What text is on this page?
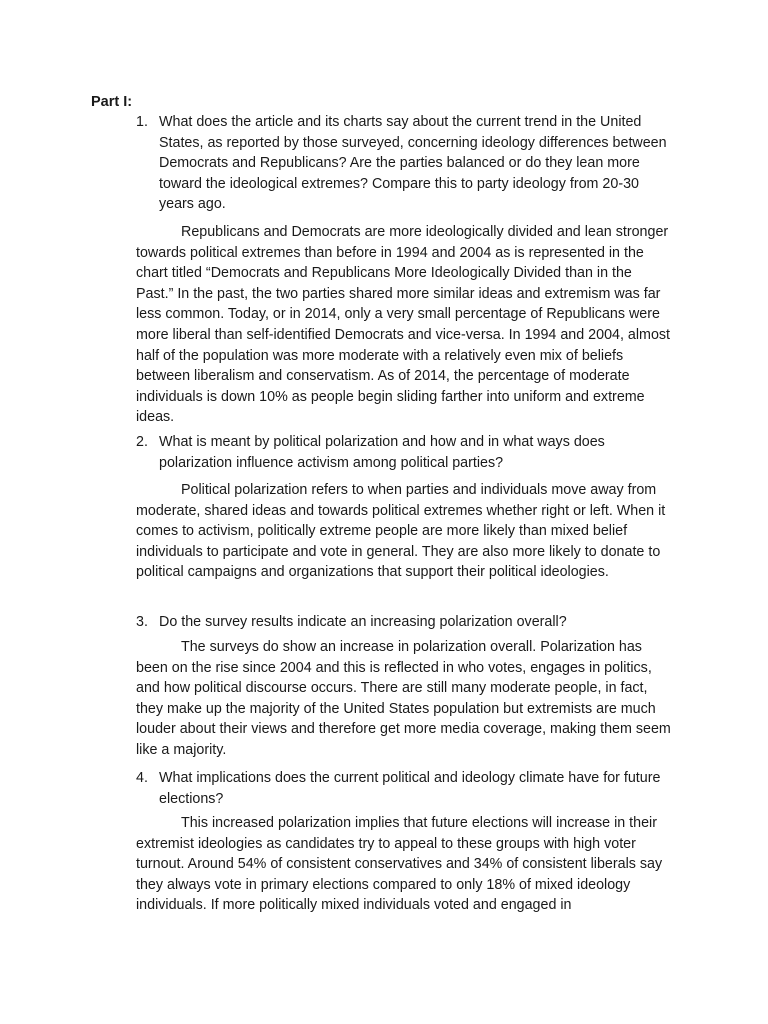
Part I:
1. What does the article and its charts say about the current trend in the United States, as reported by those surveyed, concerning ideology differences between Democrats and Republicans? Are the parties balanced or do they lean more toward the ideological extremes? Compare this to party ideology from 20-30 years ago.

Republicans and Democrats are more ideologically divided and lean stronger towards political extremes than before in 1994 and 2004 as is represented in the chart titled “Democrats and Republicans More Ideologically Divided than in the Past.” In the past, the two parties shared more similar ideas and extremism was far less common. Today, or in 2014, only a very small percentage of Republicans were more liberal than self-identified Democrats and vice-versa. In 1994 and 2004, almost half of the population was more moderate with a relatively even mix of beliefs between liberalism and conservatism. As of 2014, the percentage of moderate individuals is down 10% as people begin sliding farther into uniform and extreme ideas.

2. What is meant by political polarization and how and in what ways does polarization influence activism among political parties?

Political polarization refers to when parties and individuals move away from moderate, shared ideas and towards political extremes whether right or left. When it comes to activism, politically extreme people are more likely than mixed belief individuals to participate and vote in general. They are also more likely to donate to political campaigns and organizations that support their political ideologies.

3. Do the survey results indicate an increasing polarization overall?

The surveys do show an increase in polarization overall. Polarization has been on the rise since 2004 and this is reflected in who votes, engages in politics, and how political discourse occurs. There are still many moderate people, in fact, they make up the majority of the United States population but extremists are much louder about their views and therefore get more media coverage, making them seem like a majority.

4. What implications does the current political and ideology climate have for future elections?

This increased polarization implies that future elections will increase in their extremist ideologies as candidates try to appeal to these groups with high voter turnout. Around 54% of consistent conservatives and 34% of consistent liberals say they always vote in primary elections compared to only 18% of mixed ideology individuals. If more politically mixed individuals voted and engaged in
